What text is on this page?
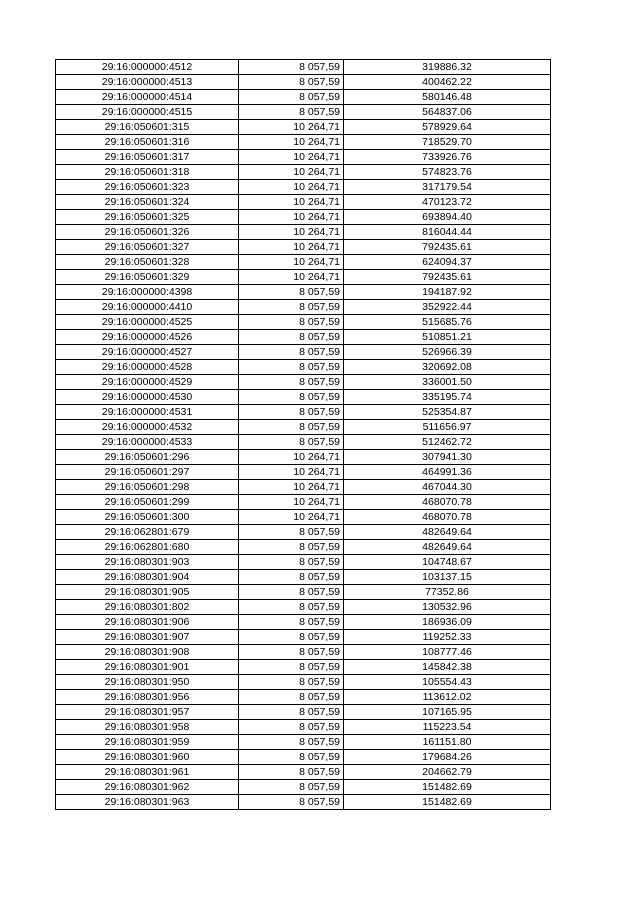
29:16:000000:4512	8 057,59	319886.32
29:16:000000:4513	8 057,59	400462.22
29:16:000000:4514	8 057,59	580146.48
29:16:000000:4515	8 057,59	564837.06
29:16:050601:315	10 264,71	578929.64
29:16:050601:316	10 264,71	718529.70
29:16:050601:317	10 264,71	733926.76
29:16:050601:318	10 264,71	574823.76
29:16:050601:323	10 264,71	317179.54
29:16:050601:324	10 264,71	470123.72
29:16:050601:325	10 264,71	693894.40
29:16:050601:326	10 264,71	816044.44
29:16:050601:327	10 264,71	792435.61
29:16:050601:328	10 264,71	624094.37
29:16:050601:329	10 264,71	792435.61
29:16:000000:4398	8 057,59	194187.92
29:16:000000:4410	8 057,59	352922.44
29:16:000000:4525	8 057,59	515685.76
29:16:000000:4526	8 057,59	510851.21
29:16:000000:4527	8 057,59	526966.39
29:16:000000:4528	8 057,59	320692.08
29:16:000000:4529	8 057,59	336001.50
29:16:000000:4530	8 057,59	335195.74
29:16:000000:4531	8 057,59	525354.87
29:16:000000:4532	8 057,59	511656.97
29:16:000000:4533	8 057,59	512462.72
29:16:050601:296	10 264,71	307941.30
29:16:050601:297	10 264,71	464991.36
29:16:050601:298	10 264,71	467044.30
29:16:050601:299	10 264,71	468070.78
29:16:050601:300	10 264,71	468070.78
29:16:062801:679	8 057,59	482649.64
29:16:062801:680	8 057,59	482649.64
29:16:080301:903	8 057,59	104748.67
29:16:080301:904	8 057,59	103137.15
29:16:080301:905	8 057,59	77352.86
29:16:080301:802	8 057,59	130532.96
29:16:080301:906	8 057,59	186936.09
29:16:080301:907	8 057,59	119252.33
29:16:080301:908	8 057,59	108777.46
29:16:080301:901	8 057,59	145842.38
29:16:080301:950	8 057,59	105554.43
29:16:080301:956	8 057,59	113612.02
29:16:080301:957	8 057,59	107165.95
29:16:080301:958	8 057,59	115223.54
29:16:080301:959	8 057,59	161151.80
29:16:080301:960	8 057,59	179684.26
29:16:080301:961	8 057,59	204662.79
29:16:080301:962	8 057,59	151482.69
29:16:080301:963	8 057,59	151482.69
